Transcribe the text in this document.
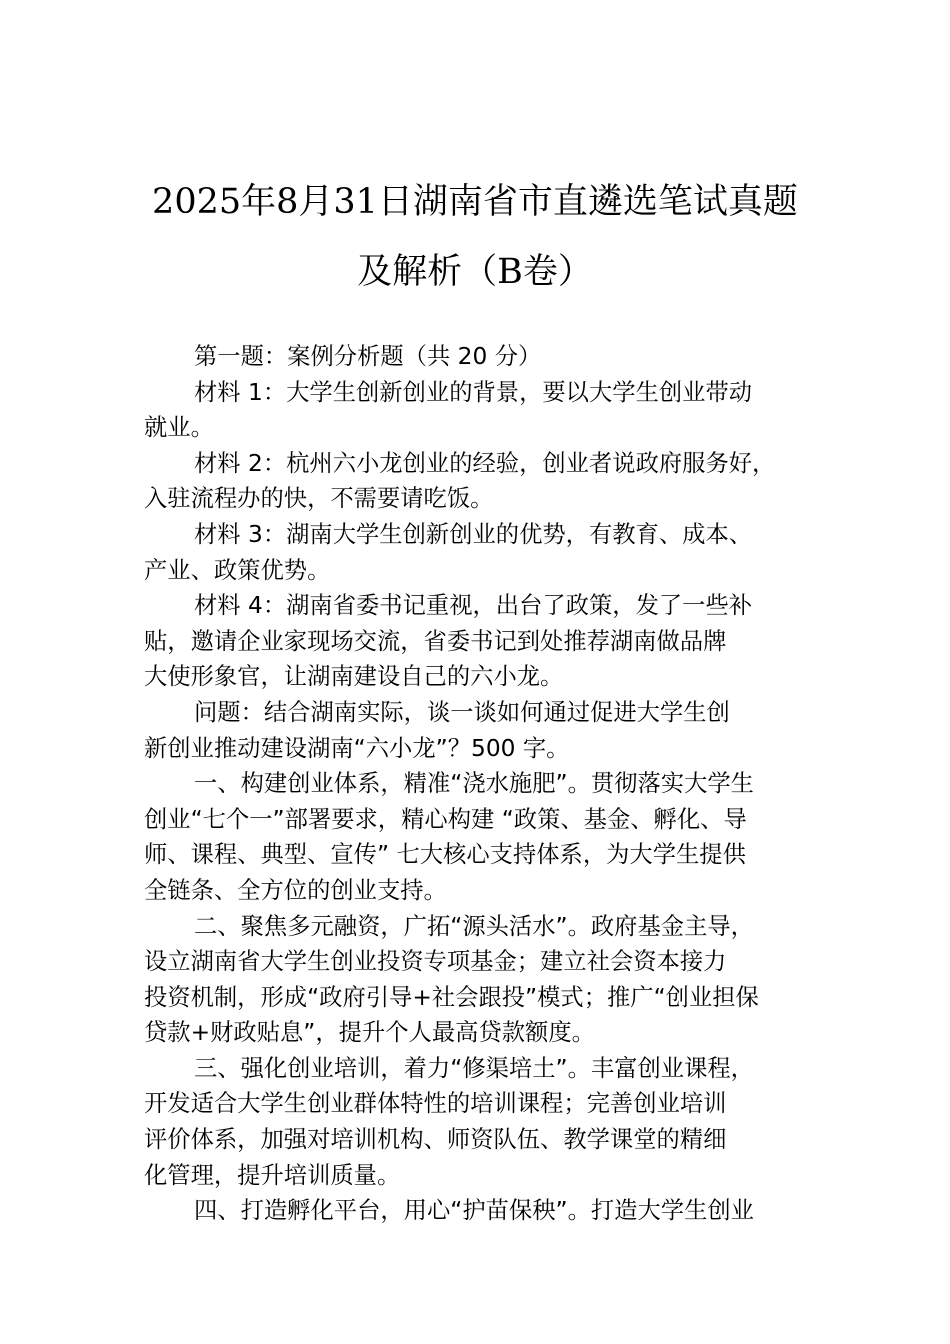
2025年8月31日湖南省市直遴选笔试真题
及解析（B卷）
第一题：案例分析题（共 20 分）
材料 1：大学生创新创业的背景，要以大学生创业带动
就业。
材料 2：杭州六小龙创业的经验，创业者说政府服务好，
入驻流程办的快，不需要请吃饭。
材料 3：湖南大学生创新创业的优势，有教育、成本、
产业、政策优势。
材料 4：湖南省委书记重视，出台了政策，发了一些补
贴，邀请企业家现场交流，省委书记到处推荐湖南做品牌
大使形象官，让湖南建设自己的六小龙。
问题：结合湖南实际，谈一谈如何通过促进大学生创
新创业推动建设湖南“六小龙”？500 字。
一、构建创业体系，精准“浇水施肥”。贯彻落实大学生
创业“七个一”部署要求，精心构建 “政策、基金、孵化、导
师、课程、典型、宣传” 七大核心支持体系，为大学生提供
全链条、全方位的创业支持。
二、聚焦多元融资，广拓“源头活水”。政府基金主导，
设立湖南省大学生创业投资专项基金；建立社会资本接力
投资机制，形成“政府引导+社会跟投”模式；推广“创业担保
贷款+财政贴息”，提升个人最高贷款额度。
三、强化创业培训，着力“修渠培土”。丰富创业课程，
开发适合大学生创业群体特性的培训课程；完善创业培训
评价体系，加强对培训机构、师资队伍、教学课堂的精细
化管理，提升培训质量。
四、打造孵化平台，用心“护苗保秧”。打造大学生创业
